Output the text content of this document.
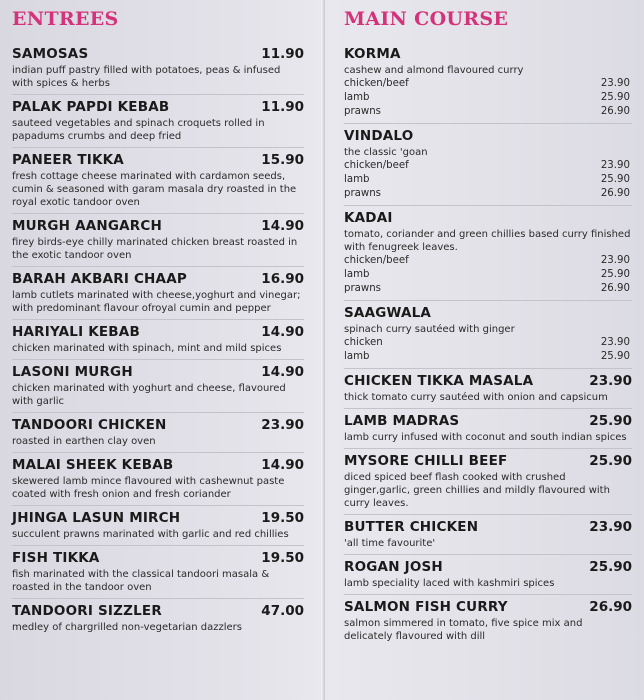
ENTREES
SAMOSAS	11.90
indian puff pastry filled with potatoes, peas & infused with spices & herbs
PALAK PAPDI KEBAB	11.90
sauteed vegetables and spinach croquets rolled in papadums crumbs and deep fried
PANEER TIKKA	15.90
fresh cottage cheese marinated with cardamon seeds, cumin & seasoned with garam masala dry roasted in the royal exotic tandoor oven
MURGH AANGARCH	14.90
firey birds-eye chilly marinated chicken breast roasted in the exotic tandoor oven
BARAH AKBARI CHAAP	16.90
lamb cutlets marinated with cheese,yoghurt and vinegar; with predominant flavour ofroyal cumin and pepper
HARIYALI KEBAB	14.90
chicken marinated with spinach, mint and mild spices
LASONI MURGH	14.90
chicken marinated with yoghurt and cheese, flavoured with garlic
TANDOORI CHICKEN	23.90
roasted in earthen clay oven
MALAI SHEEK KEBAB	14.90
skewered lamb mince flavoured with cashewnut paste coated with fresh onion and fresh coriander
JHINGA LASUN MIRCH	19.50
succulent prawns marinated with garlic and red chillies
FISH TIKKA	19.50
fish marinated with the classical tandoori masala & roasted in the tandoor oven
TANDOORI SIZZLER	47.00
medley of chargrilled non-vegetarian dazzlers
MAIN COURSE
KORMA
cashew and almond flavoured curry
chicken/beef	23.90
lamb	25.90
prawns	26.90
VINDALO
the classic 'goan
chicken/beef	23.90
lamb	25.90
prawns	26.90
KADAI
tomato, coriander and green chillies based curry finished with fenugreek leaves.
chicken/beef	23.90
lamb	25.90
prawns	26.90
SAAGWALA
spinach curry sautéed with ginger
chicken	23.90
lamb	25.90
CHICKEN TIKKA MASALA	23.90
thick tomato curry sautéed with onion and capsicum
LAMB MADRAS	25.90
lamb curry infused with coconut and south indian spices
MYSORE CHILLI BEEF	25.90
diced spiced beef flash cooked with crushed ginger,garlic, green chillies and mildly flavoured with curry leaves.
BUTTER CHICKEN	23.90
'all time favourite'
ROGAN JOSH	25.90
lamb speciality laced with kashmiri spices
SALMON FISH CURRY	26.90
salmon simmered in tomato, five spice mix and delicately flavoured with dill
